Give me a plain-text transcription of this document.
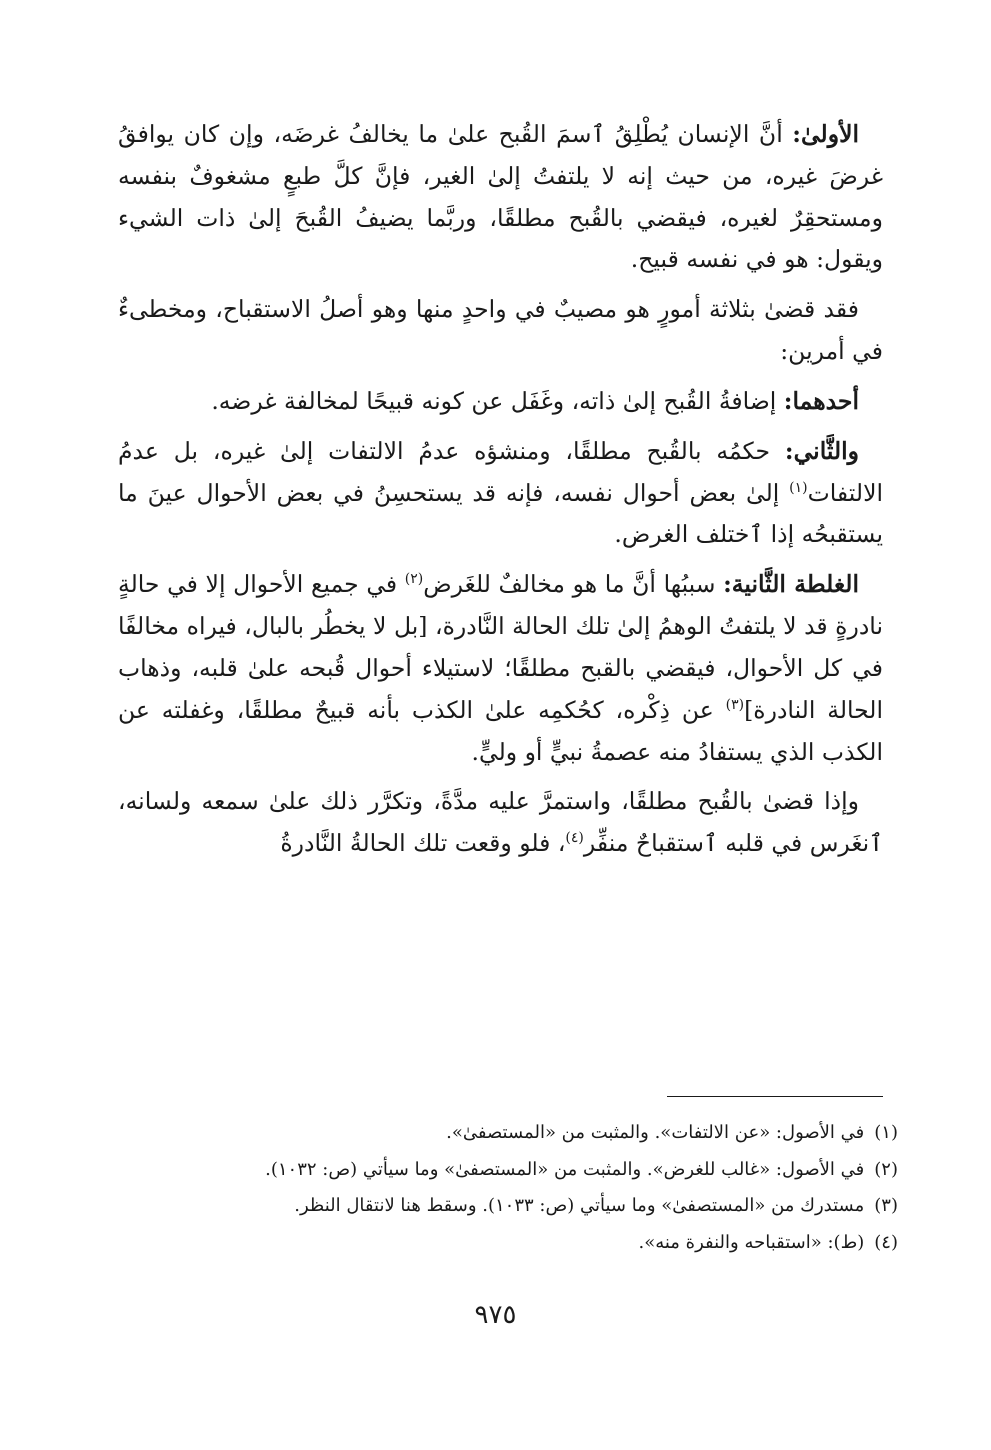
الأولىٰ: أنَّ الإنسان يُطْلِقُ ٱسمَ القُبح علىٰ ما يخالفُ غرضَه، وإن كان يوافقُ غرضَ غيره، من حيث إنه لا يلتفتُ إلىٰ الغير، فإنَّ كلَّ طبعٍ مشغوفٌ بنفسه ومستحقِرٌ لغيره، فيقضي بالقُبح مطلقًا، وربَّما يضيفُ القُبحَ إلىٰ ذات الشيء ويقول: هو في نفسه قبيح.

فقد قضىٰ بثلاثة أمورٍ هو مصيبٌ في واحدٍ منها وهو أصلُ الاستقباح، ومخطىءٌ في أمرين:

أحدهما: إضافةُ القُبح إلىٰ ذاته، وغَفَل عن كونه قبيحًا لمخالفة غرضه.

والثَّاني: حكمُه بالقُبح مطلقًا، ومنشؤه عدمُ الالتفات إلىٰ غيره، بل عدمُ الالتفات$^{(١)}$ إلىٰ بعض أحوال نفسه، فإنه قد يستحسِنُ في بعض الأحوال عينَ ما يستقبحُه إذا ٱختلف الغرض.

الغلطة الثَّانية: سببُها أنَّ ما هو مخالفٌ للغَرض$^{(٢)}$ في جميع الأحوال إلا في حالةٍ نادرةٍ قد لا يلتفتُ الوهمُ إلىٰ تلك الحالة النَّادرة، [بل لا يخطُر بالبال، فيراه مخالفًا في كل الأحوال، فيقضي بالقبح مطلقًا؛ لاستيلاء أحوال قُبحه علىٰ قلبه، وذهاب الحالة النادرة]$^{(٣)}$ عن ذِكْره، كحُكمِه علىٰ الكذب بأنه قبيحٌ مطلقًا، وغفلته عن الكذب الذي يستفادُ منه عصمةُ نبيٍّ أو وليٍّ.

وإذا قضىٰ بالقُبح مطلقًا، واستمرَّ عليه مدَّةً، وتكرَّر ذلك علىٰ سمعه ولسانه، ٱنغَرس في قلبه ٱستقباحٌ منفِّر$^{(٤)}$، فلو وقعت تلك الحالةُ النَّادرةُ

(١)في الأصول: «عن الالتفات». والمثبت من «المستصفىٰ».

(٢)في الأصول: «غالب للغرض». والمثبت من «المستصفىٰ» وما سيأتي (ص: ١٠٣٢).

(٣)مستدرك من «المستصفىٰ» وما سيأتي (ص: ١٠٣٣). وسقط هنا لانتقال النظر.

(٤)(ط): «استقباحه والنفرة منه».

٩٧٥
